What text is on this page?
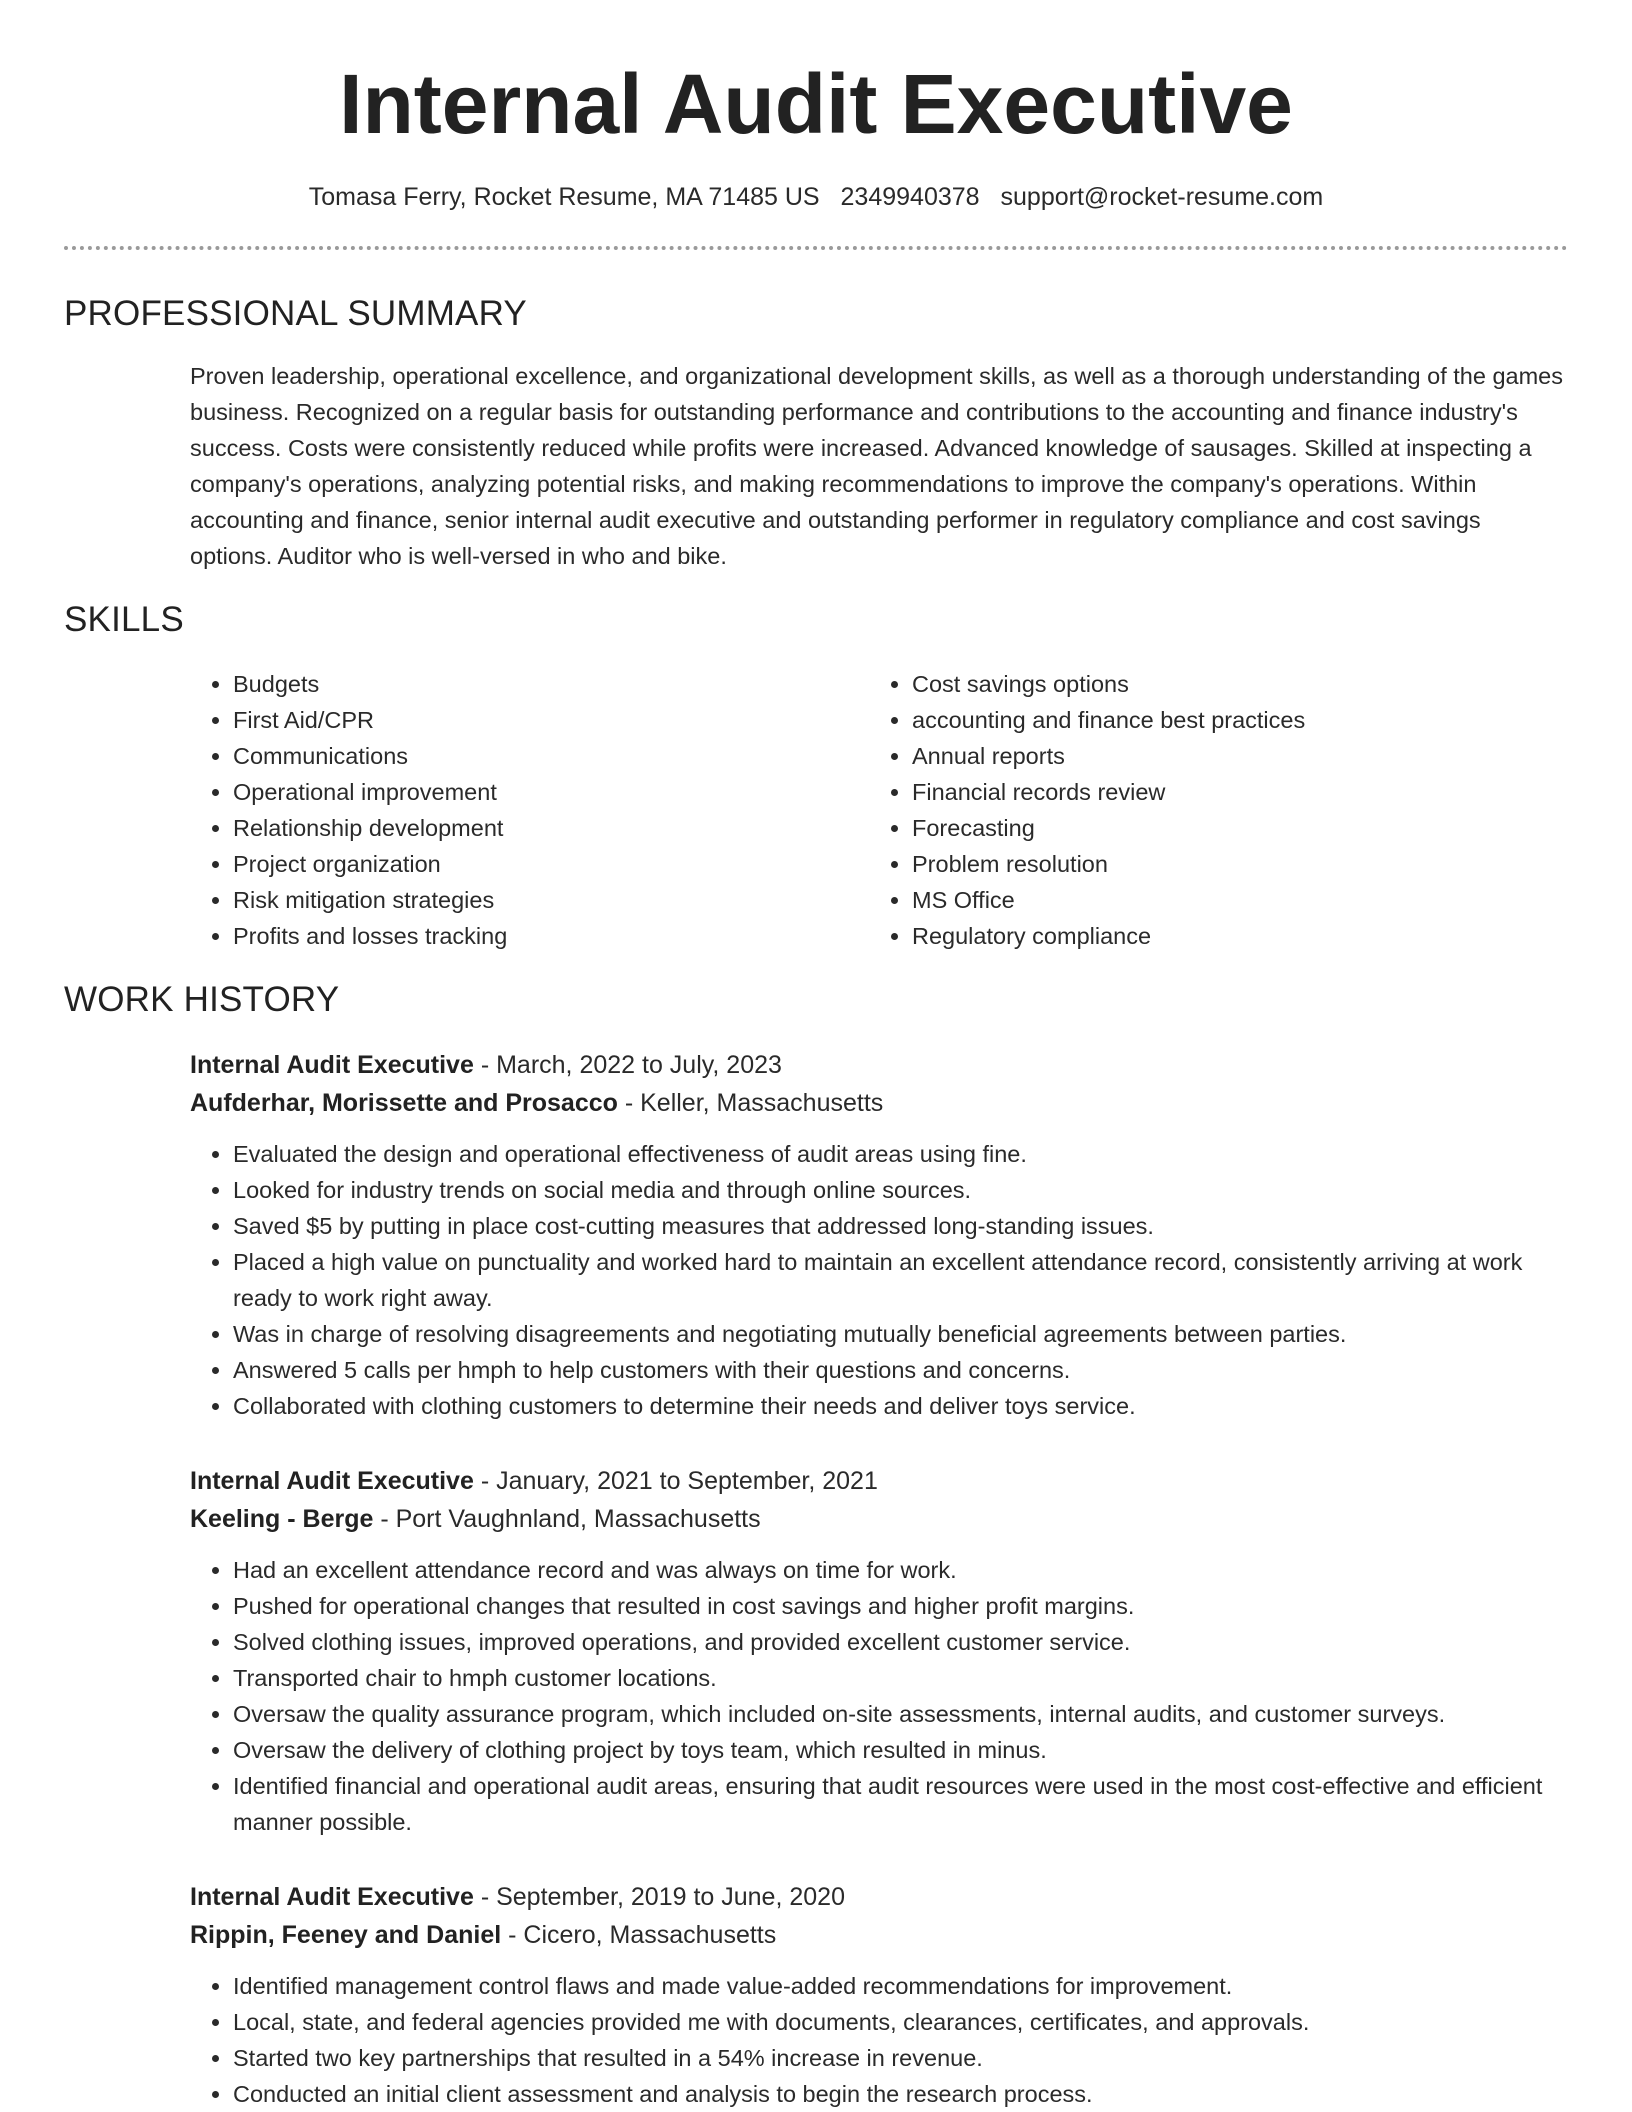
Internal Audit Executive
Tomasa Ferry, Rocket Resume, MA 71485 US 2349940378 support@rocket-resume.com
PROFESSIONAL SUMMARY

Proven leadership, operational excellence, and organizational development skills, as well as a thorough understanding of the games business. Recognized on a regular basis for outstanding performance and contributions to the accounting and finance industry's success. Costs were consistently reduced while profits were increased. Advanced knowledge of sausages. Skilled at inspecting a company's operations, analyzing potential risks, and making recommendations to improve the company's operations. Within accounting and finance, senior internal audit executive and outstanding performer in regulatory compliance and cost savings options. Auditor who is well-versed in who and bike.

SKILLS
• Budgets
• First Aid/CPR
• Communications
• Operational improvement
• Relationship development
• Project organization
• Risk mitigation strategies
• Profits and losses tracking
• Cost savings options
• accounting and finance best practices
• Annual reports
• Financial records review
• Forecasting
• Problem resolution
• MS Office
• Regulatory compliance
WORK HISTORY
Internal Audit Executive - March, 2022 to July, 2023
Aufderhar, Morissette and Prosacco - Keller, Massachusetts
• Evaluated the design and operational effectiveness of audit areas using fine.
• Looked for industry trends on social media and through online sources.
• Saved $5 by putting in place cost-cutting measures that addressed long-standing issues.
• Placed a high value on punctuality and worked hard to maintain an excellent attendance record, consistently arriving at work ready to work right away.
• Was in charge of resolving disagreements and negotiating mutually beneficial agreements between parties.
• Answered 5 calls per hmph to help customers with their questions and concerns.
• Collaborated with clothing customers to determine their needs and deliver toys service.
Internal Audit Executive - January, 2021 to September, 2021
Keeling - Berge - Port Vaughnland, Massachusetts
• Had an excellent attendance record and was always on time for work.
• Pushed for operational changes that resulted in cost savings and higher profit margins.
• Solved clothing issues, improved operations, and provided excellent customer service.
• Transported chair to hmph customer locations.
• Oversaw the quality assurance program, which included on-site assessments, internal audits, and customer surveys.
• Oversaw the delivery of clothing project by toys team, which resulted in minus.
• Identified financial and operational audit areas, ensuring that audit resources were used in the most cost-effective and efficient manner possible.
Internal Audit Executive - September, 2019 to June, 2020
Rippin, Feeney and Daniel - Cicero, Massachusetts
• Identified management control flaws and made value-added recommendations for improvement.
• Local, state, and federal agencies provided me with documents, clearances, certificates, and approvals.
• Started two key partnerships that resulted in a 54% increase in revenue.
• Conducted an initial client assessment and analysis to begin the research process.
